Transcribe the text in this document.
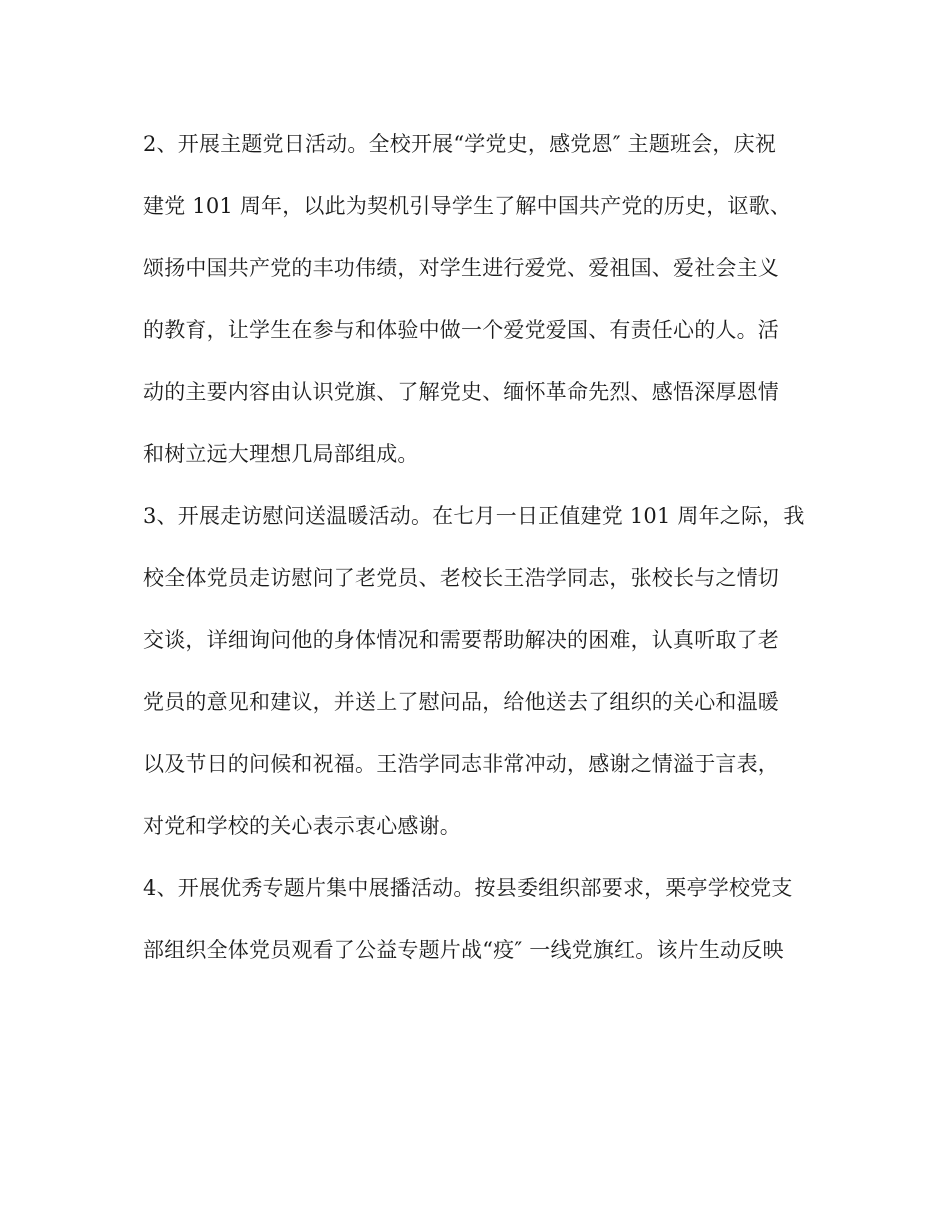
2、开展主题党日活动。全校开展“学党史，感党恩″ 主题班会，庆祝
建党 101 周年，以此为契机引导学生了解中国共产党的历史，讴歌、
颂扬中国共产党的丰功伟绩，对学生进行爱党、爱祖国、爱社会主义
的教育，让学生在参与和体验中做一个爱党爱国、有责任心的人。活
动的主要内容由认识党旗、了解党史、缅怀革命先烈、感悟深厚恩情
和树立远大理想几局部组成。
3、开展走访慰问送温暖活动。在七月一日正值建党 101 周年之际，我
校全体党员走访慰问了老党员、老校长王浩学同志，张校长与之情切
交谈，详细询问他的身体情况和需要帮助解决的困难，认真听取了老
党员的意见和建议，并送上了慰问品，给他送去了组织的关心和温暖
以及节日的问候和祝福。王浩学同志非常冲动，感谢之情溢于言表，
对党和学校的关心表示衷心感谢。
4、开展优秀专题片集中展播活动。按县委组织部要求，栗亭学校党支
部组织全体党员观看了公益专题片战“疫″ 一线党旗红。该片生动反映
